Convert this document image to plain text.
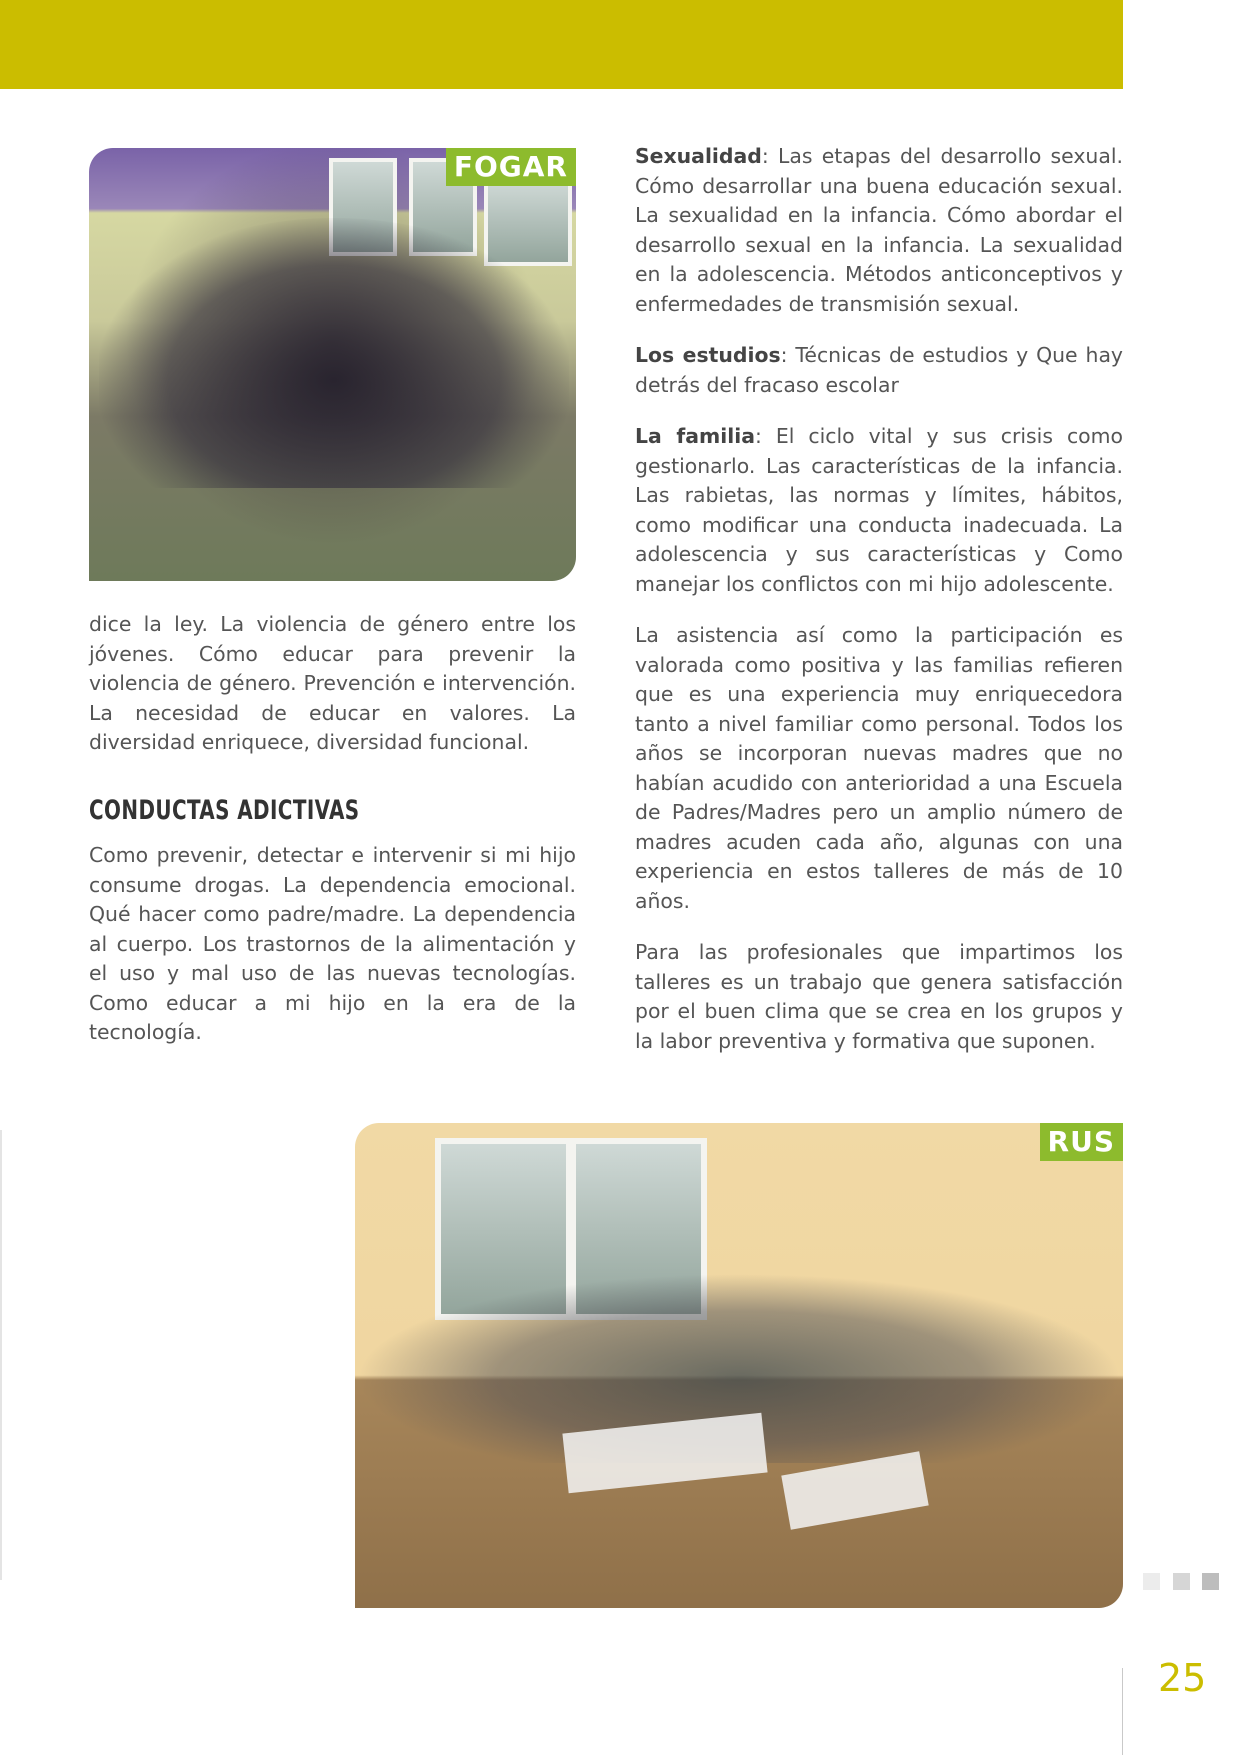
FOGAR	Sexualidad: Las etapas del desarrollo sexual. Cómo desarrollar una buena educación sexual. La sexualidad en la infancia. Cómo abordar el desarrollo sexual en la infancia. La sexualidad en la adolescencia. Métodos anticonceptivos y enfermedades de transmisión sexual.

Los estudios: Técnicas de estudios y Que hay detrás del fracaso escolar

La familia: El ciclo vital y sus crisis como gestionarlo. Las características de la infancia. Las rabietas, las normas y límites, hábitos, como modificar una conducta inadecuada. La adolescencia y sus características y Como manejar los conflictos con mi hijo adolescente.

La asistencia así como la participación es valorada como positiva y las familias refieren que es una experiencia muy enriquecedora tanto a nivel familiar como personal. Todos los años se incorporan nuevas madres que no habían acudido con anterioridad a una Escuela de Padres/Madres pero un amplio número de madres acuden cada año, algunas con una experiencia en estos talleres de más de 10 años.

Para las profesionales que impartimos los talleres es un trabajo que genera satisfacción por el buen clima que se crea en los grupos y la labor preventiva y formativa que suponen.

dice la ley. La violencia de género entre los jóvenes. Cómo educar para prevenir la violencia de género. Prevención e intervención. La necesidad de educar en valores. La diversidad enriquece, diversidad funcional.

CONDUCTAS ADICTIVAS

Como prevenir, detectar e intervenir si mi hijo consume drogas. La dependencia emocional. Qué hacer como padre/madre. La dependencia al cuerpo. Los trastornos de la alimentación y el uso y mal uso de las nuevas tecnologías. Como educar a mi hijo en la era de la tecnología.

RUS
25
